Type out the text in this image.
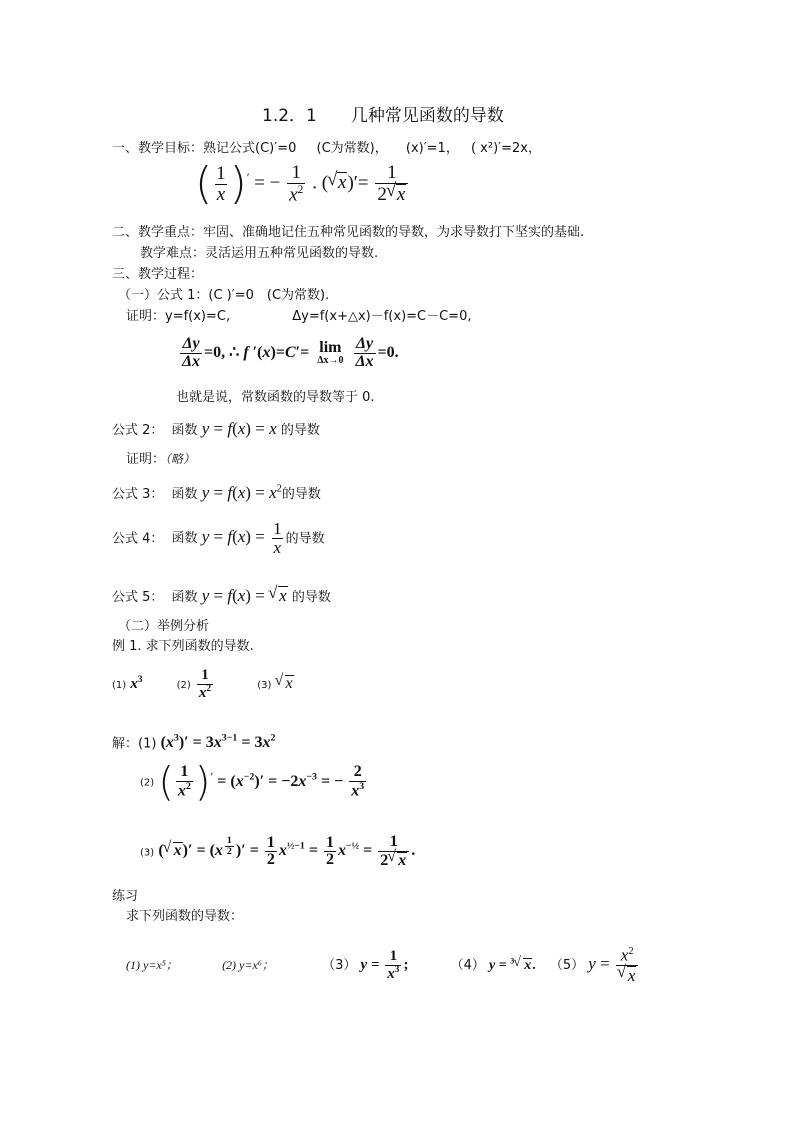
1.2．1　　几种常见函数的导数
一、教学目标：熟记公式(C)′=0 (C为常数)， (x)′=1， ( x²)′=2x，
( $\frac{1}{x} )'$ = − $\frac{1}{x^2}$ . ( √ $x)'= \frac{1}{2 √ x}$
二、教学重点：牢固、准确地记住五种常见函数的导数，为求导数打下坚实的基础.
教学难点：灵活运用五种常见函数的导数.
三、教学过程：
（一）公式 1：(C )′=0　(C为常数).
证明：y=f(x)=C,	Δy=f(x+△x)－f(x)=C－C=0,
$\frac{\Delta y}{\Delta x} =0$, ∴ f ′(x)=C′= lim
Δx→0
$\frac{\Delta y}{\Delta x} =0$.
也就是说，常数函数的导数等于 0.
公式 2： 函数 y = f(x) = x 的导数
证明：（略）
公式 3： 函数 $y = f(x) = x^2$的导数
公式 4： 函数 $y = f(x) = \frac{1}{x}$ 的导数
公式 5： 函数 y = f(x) = √ x 的导数
（二）举例分析
例 1. 求下列函数的导数.
(1) $x^3$	$(2) \frac{1}{x^2}$	(3) √ x
解：(1) $(x^3)' = 3x^{3-1} = 3x^2$
(2) ( $\frac{1}{x^2} )' = (x^{-2})' = -2x^{-3}$ = − $\frac{2}{x^3}$
(3) ( √ x)′ = (x $^{\frac{1}{2}}$ )′ = $\frac{1}{2} x^{\frac{1}{2}-1} = \frac{1}{2} x^{-\frac{1}{2}} = \frac{1}{2 √ x}$ .
练习
求下列函数的导数：
(1) y=x⁵；	(2) y=x⁶；	（3） $y = \frac{1}{x^3}$ ;	（4） y = $^3$ √ x. （5） $y = x^2$
√ x
